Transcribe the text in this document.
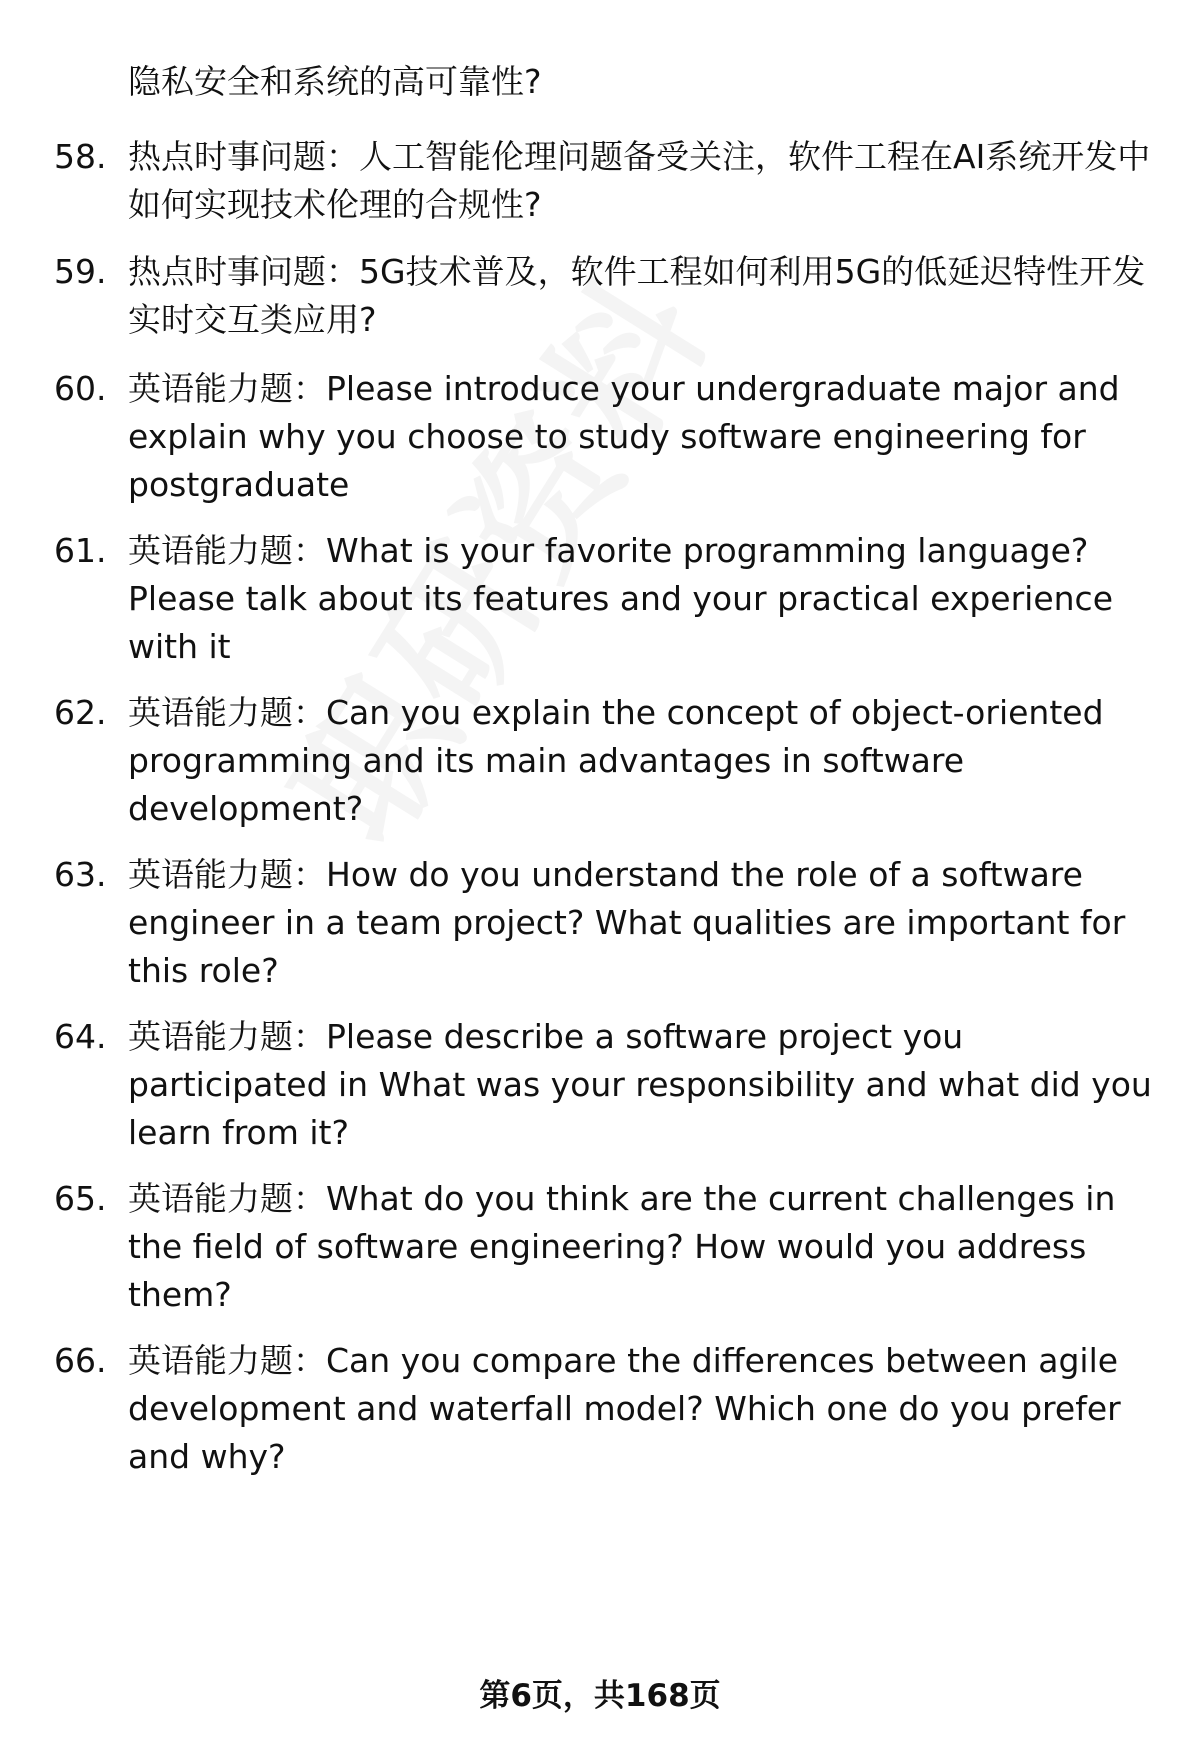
隐私安全和系统的高可靠性?
58. 热点时事问题：人工智能伦理问题备受关注，软件工程在AI系统开发中如何实现技术伦理的合规性?
59. 热点时事问题：5G技术普及，软件工程如何利用5G的低延迟特性开发实时交互类应用?
60. 英语能力题：Please introduce your undergraduate major and explain why you choose to study software engineering for postgraduate
61. 英语能力题：What is your favorite programming language? Please talk about its features and your practical experience with it
62. 英语能力题：Can you explain the concept of object-oriented programming and its main advantages in software development?
63. 英语能力题：How do you understand the role of a software engineer in a team project? What qualities are important for this role?
64. 英语能力题：Please describe a software project you participated in What was your responsibility and what did you learn from it?
65. 英语能力题：What do you think are the current challenges in the field of software engineering? How would you address them?
66. 英语能力题：Can you compare the differences between agile development and waterfall model? Which one do you prefer and why?
第6页，共168页
